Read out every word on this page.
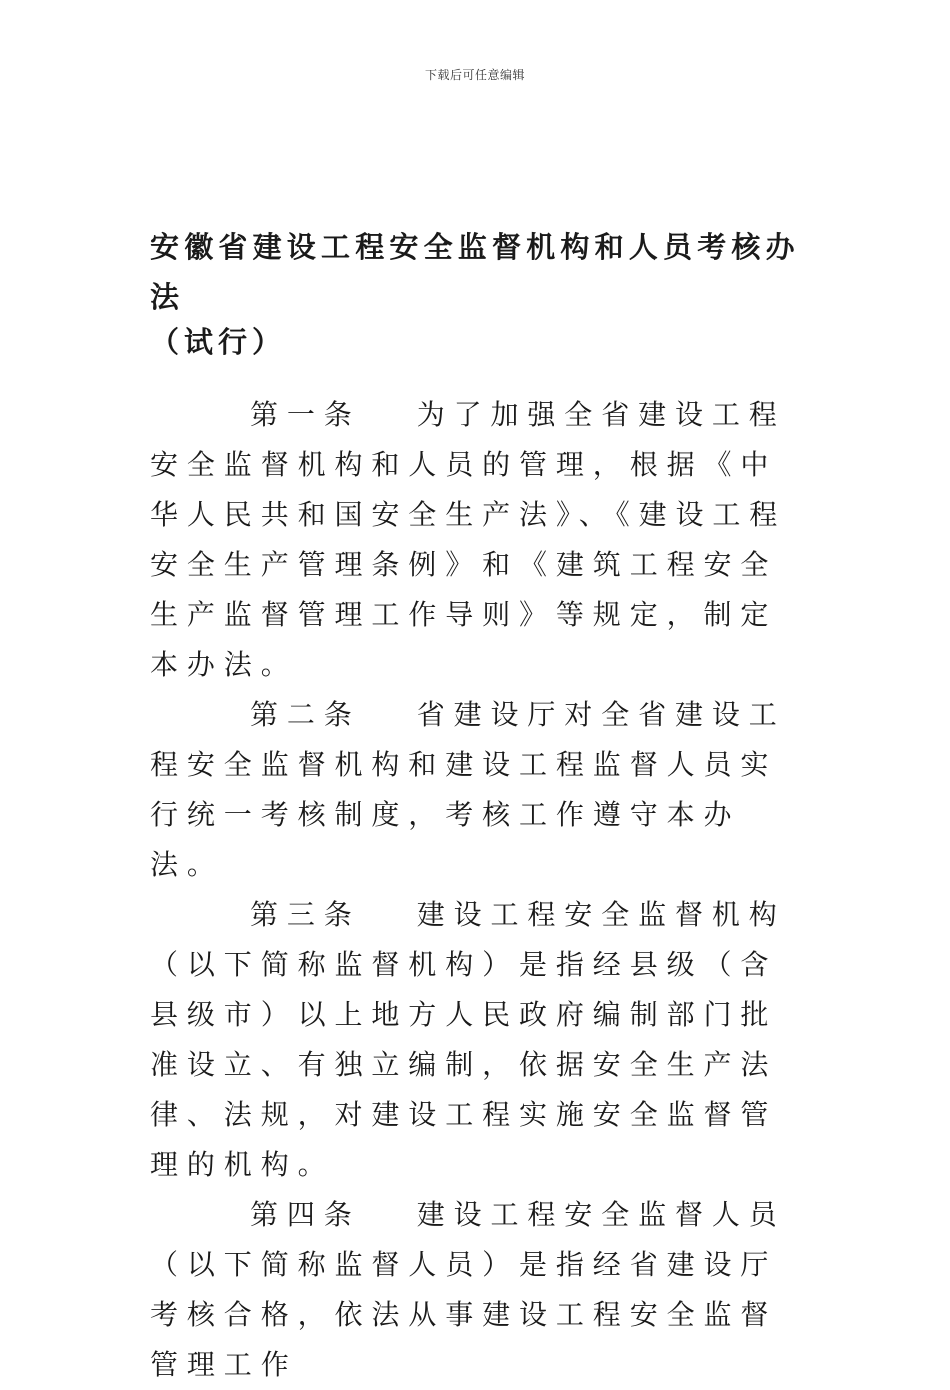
下载后可任意编辑
安徽省建设工程安全监督机构和人员考核办法
（试行）

第一条 为了加强全省建设工程安全监督机构和人员的管理，根据《中华人民共和国安全生产法》、《建设工程安全生产管理条例》和《建筑工程安全生产监督管理工作导则》等规定，制定本办法。

第二条 省建设厅对全省建设工程安全监督机构和建设工程监督人员实行统一考核制度，考核工作遵守本办法。

第三条 建设工程安全监督机构（以下简称监督机构）是指经县级（含县级市）以上地方人民政府编制部门批准设立、有独立编制，依据安全生产法律、法规，对建设工程实施安全监督管理的机构。

第四条 建设工程安全监督人员（以下简称监督人员）是指经省建设厅考核合格，依法从事建设工程安全监督管理工作
